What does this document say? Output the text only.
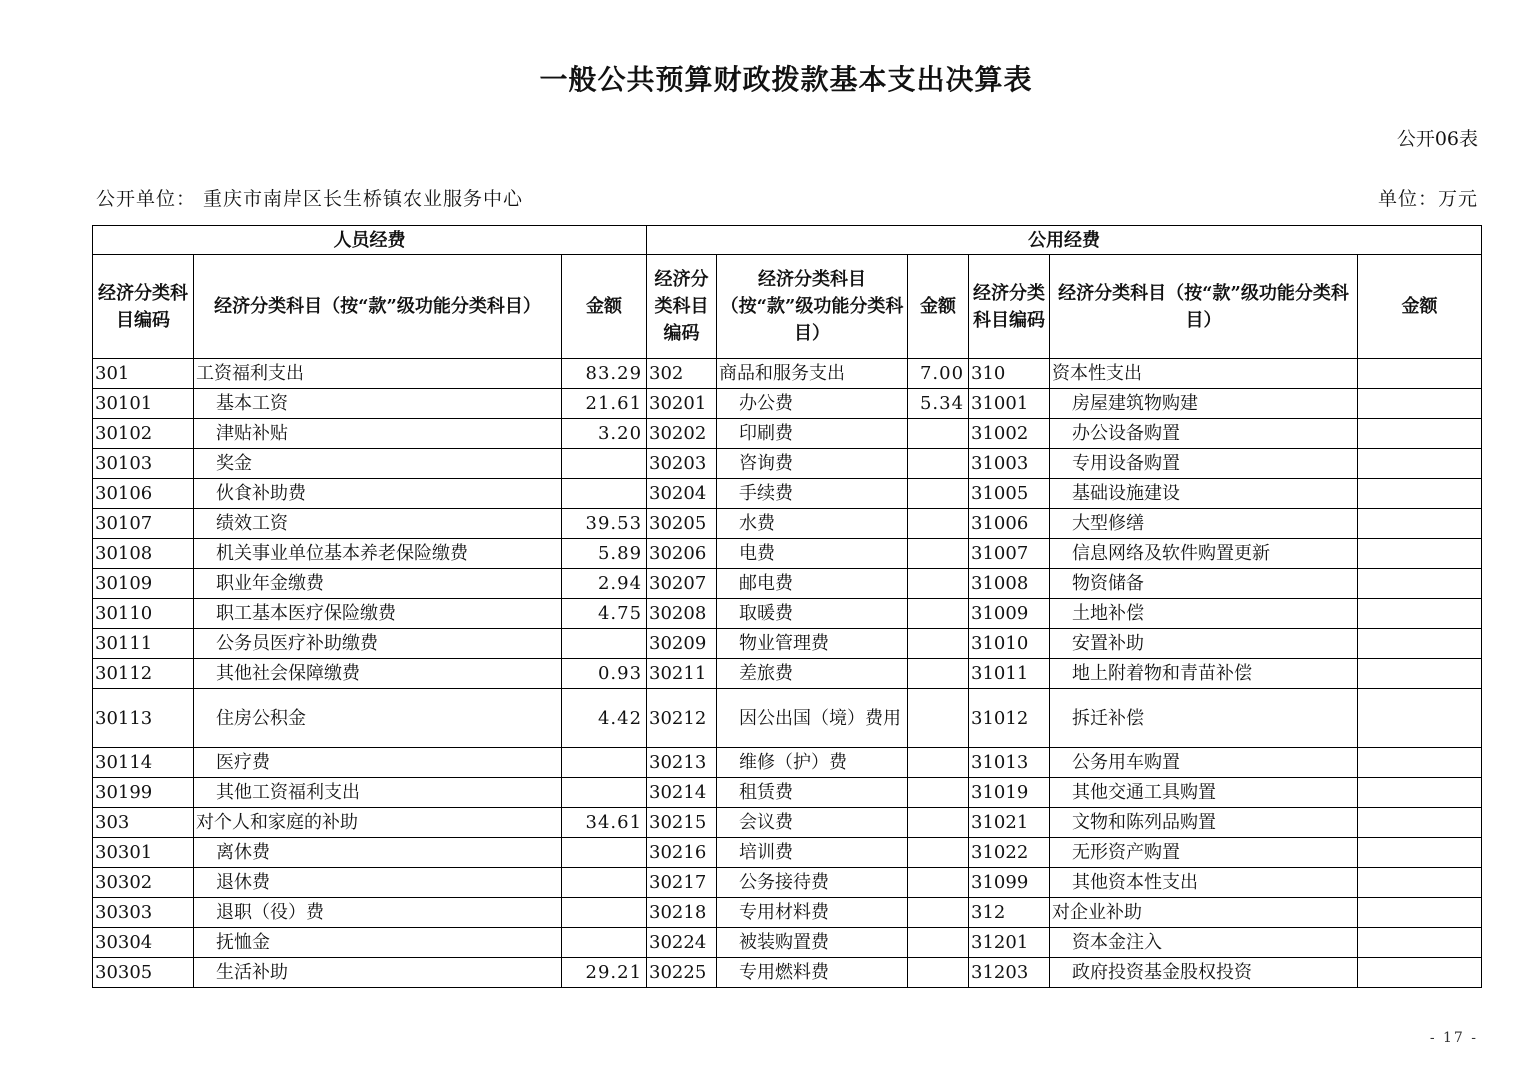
一般公共预算财政拨款基本支出决算表
公开06表
公开单位： 重庆市南岸区长生桥镇农业服务中心	单位：万元
人员经费			公用经费					
经济分类科目编码	经济分类科目（按“款”级功能分类科目）	金额	经济分类科目编码	经济分类科目（按“款”级功能分类科目）	金额	经济分类科目编码	经济分类科目（按“款”级功能分类科目）	金额
301	工资福利支出	83.29	302	商品和服务支出	7.00	310	资本性支出	
30101	基本工资	21.61	30201	办公费	5.34	31001	房屋建筑物购建	
30102	津贴补贴	3.20	30202	印刷费		31002	办公设备购置	
30103	奖金		30203	咨询费		31003	专用设备购置	
30106	伙食补助费		30204	手续费		31005	基础设施建设	
30107	绩效工资	39.53	30205	水费		31006	大型修缮	
30108	机关事业单位基本养老保险缴费	5.89	30206	电费		31007	信息网络及软件购置更新	
30109	职业年金缴费	2.94	30207	邮电费		31008	物资储备	
30110	职工基本医疗保险缴费	4.75	30208	取暖费		31009	土地补偿	
30111	公务员医疗补助缴费		30209	物业管理费		31010	安置补助	
30112	其他社会保障缴费	0.93	30211	差旅费		31011	地上附着物和青苗补偿	
30113	住房公积金	4.42	30212	因公出国（境）费用		31012	拆迁补偿	
30114	医疗费		30213	维修（护）费		31013	公务用车购置	
30199	其他工资福利支出		30214	租赁费		31019	其他交通工具购置	
303	对个人和家庭的补助	34.61	30215	会议费		31021	文物和陈列品购置	
30301	离休费		30216	培训费		31022	无形资产购置	
30302	退休费		30217	公务接待费		31099	其他资本性支出	
30303	退职（役）费		30218	专用材料费		312	对企业补助	
30304	抚恤金		30224	被装购置费		31201	资本金注入	
30305	生活补助	29.21	30225	专用燃料费		31203	政府投资基金股权投资	
- 17 -
